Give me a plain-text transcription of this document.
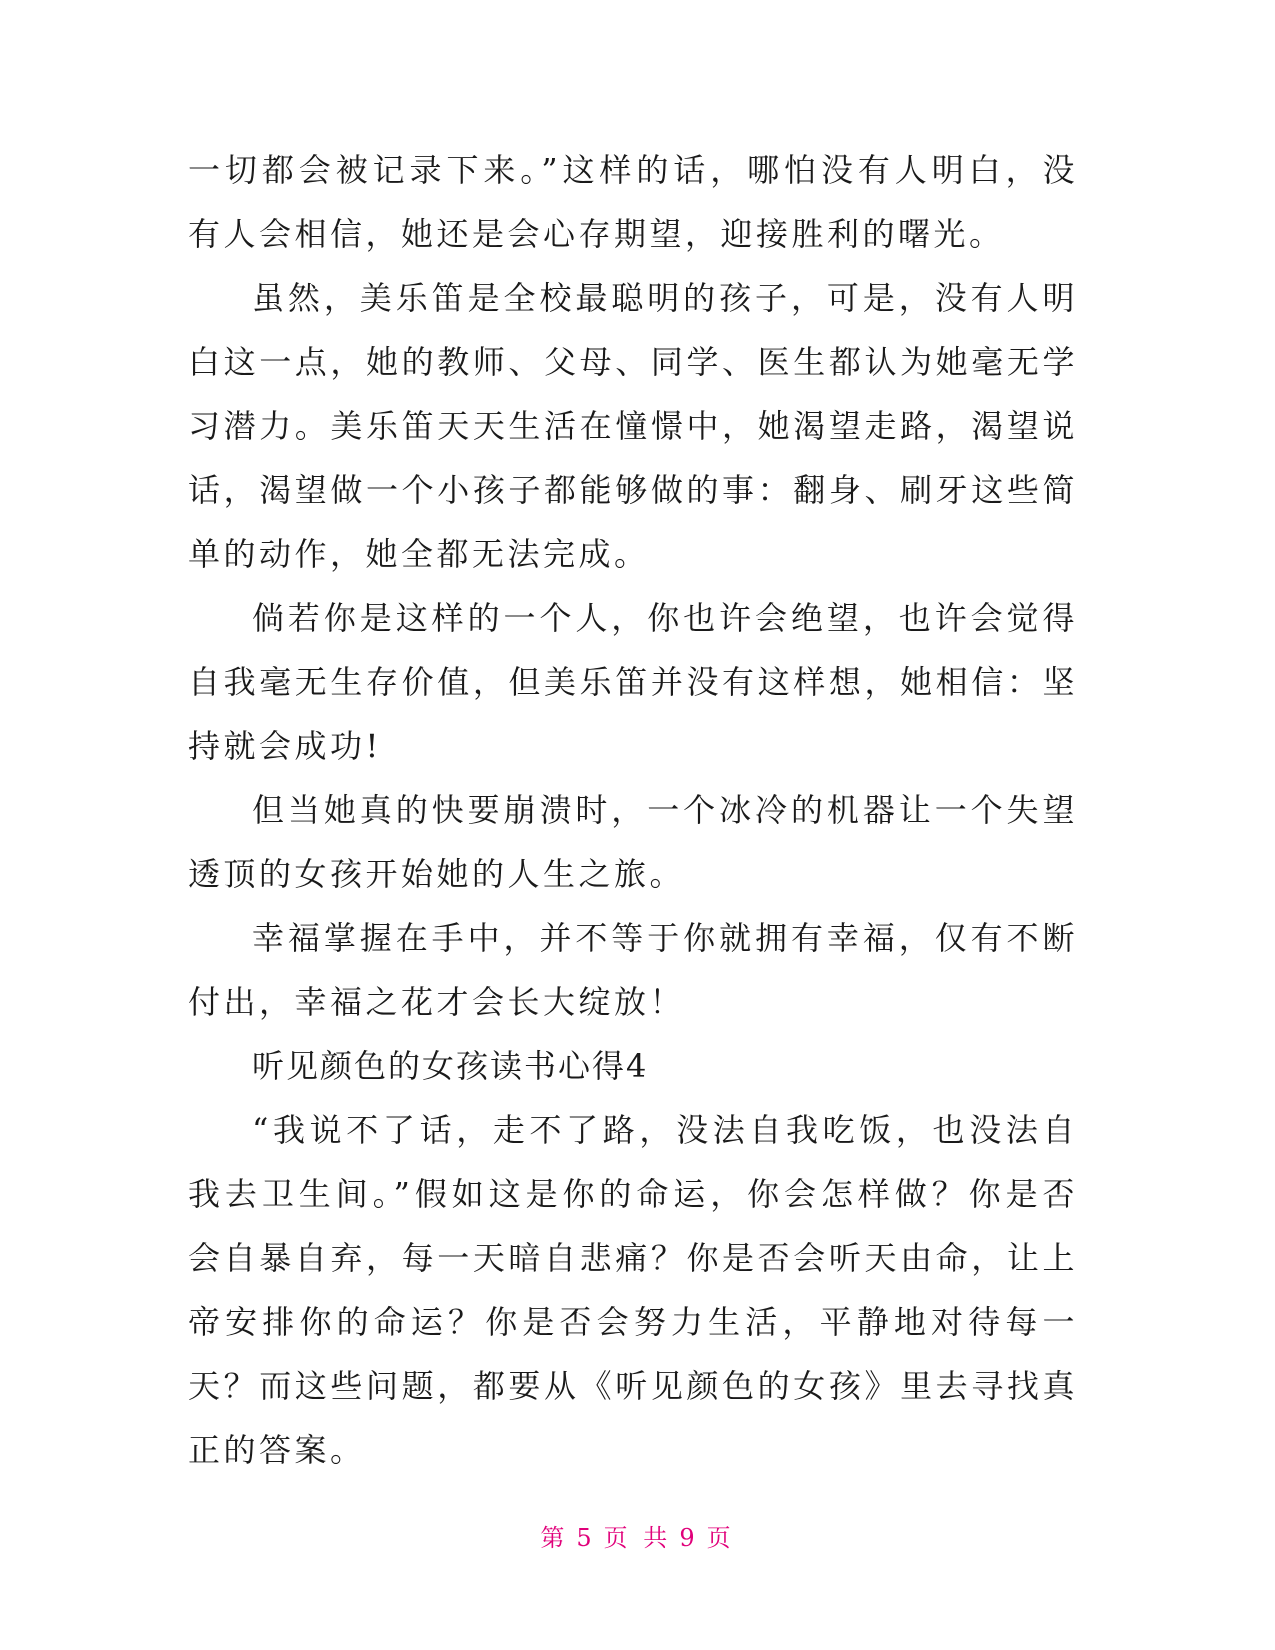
一切都会被记录下来。”这样的话，哪怕没有人明白，没有人会相信，她还是会心存期望，迎接胜利的曙光。

虽然，美乐笛是全校最聪明的孩子，可是，没有人明白这一点，她的教师、父母、同学、医生都认为她毫无学习潜力。美乐笛天天生活在憧憬中，她渴望走路，渴望说话，渴望做一个小孩子都能够做的事：翻身、刷牙这些简单的动作，她全都无法完成。

倘若你是这样的一个人，你也许会绝望，也许会觉得自我毫无生存价值，但美乐笛并没有这样想，她相信：坚持就会成功!

但当她真的快要崩溃时，一个冰冷的机器让一个失望透顶的女孩开始她的人生之旅。

幸福掌握在手中，并不等于你就拥有幸福，仅有不断付出，幸福之花才会长大绽放！

听见颜色的女孩读书心得4

“我说不了话，走不了路，没法自我吃饭，也没法自我去卫生间。”假如这是你的命运，你会怎样做？你是否会自暴自弃，每一天暗自悲痛？你是否会听天由命，让上帝安排你的命运？你是否会努力生活，平静地对待每一天？而这些问题，都要从《听见颜色的女孩》里去寻找真正的答案。

第 5 页 共 9 页
